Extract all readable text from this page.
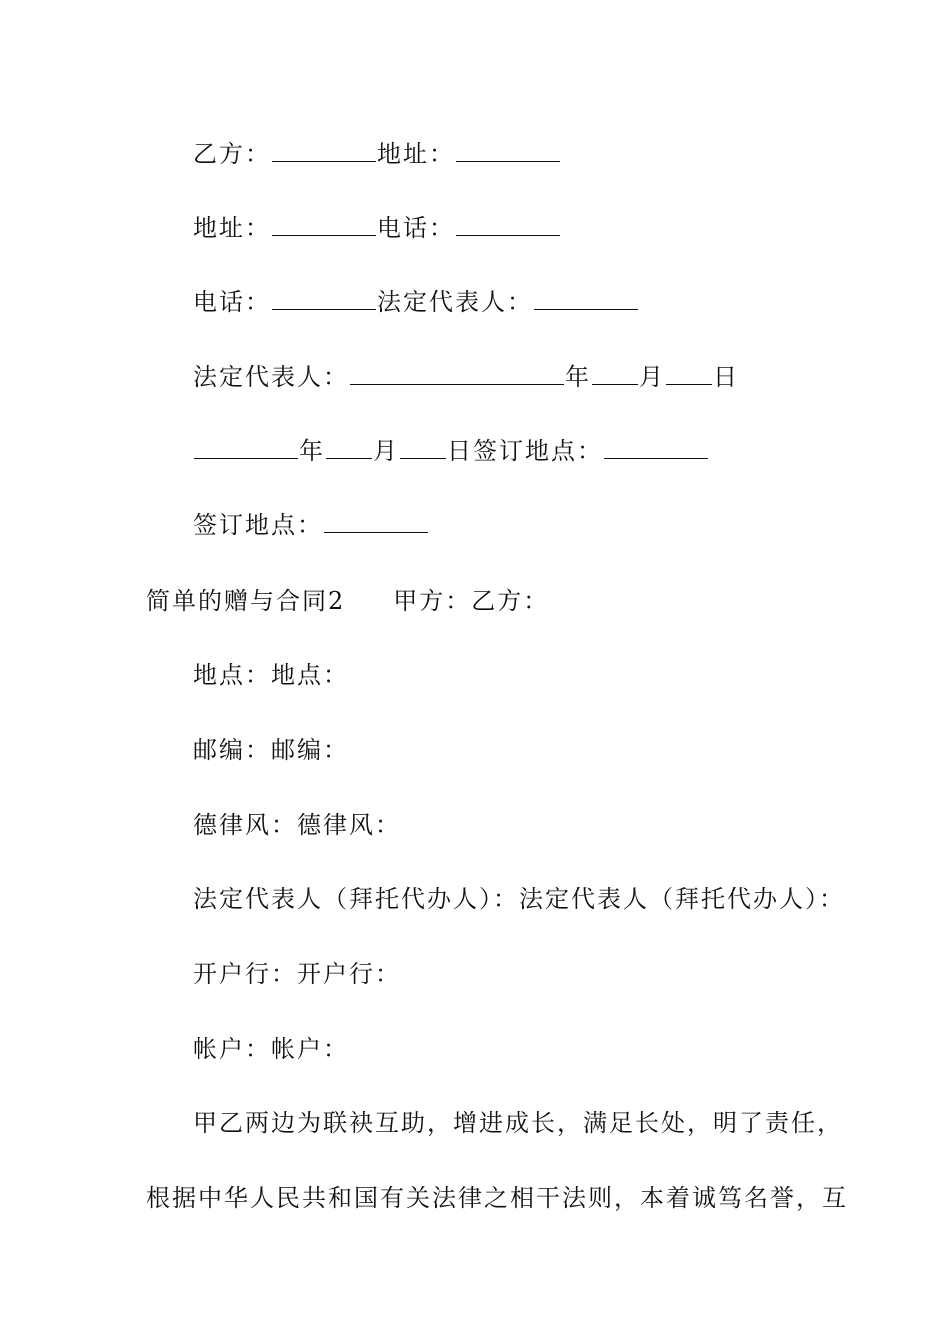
乙方：	地址：
地址：	电话：
电话：	法定代表人：
法定代表人：	年 月 日
年 月 日签订地点：
签订地点：
简单的赠与合同2 甲方：乙方：
地点：地点：
邮编：邮编：
德律风：德律风：
法定代表人（拜托代办人）：法定代表人（拜托代办人）：
开户行：开户行：
帐户：帐户：
甲乙两边为联袂互助，增进成长，满足长处，明了责任，
根据中华人民共和国有关法律之相干法则，本着诚笃名誉，互
